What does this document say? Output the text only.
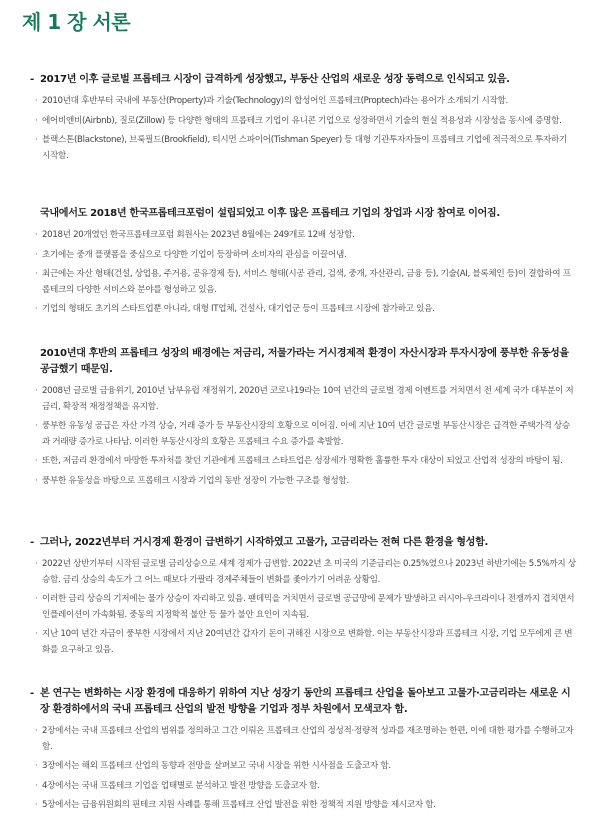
제 1 장 서론
- 2017년 이후 글로벌 프롭테크 시장이 급격하게 성장했고, 부동산 산업의 새로운 성장 동력으로 인식되고 있음.
· 2010년대 후반부터 국내에 부동산(Property)과 기술(Technology)의 합성어인 프롭테크(Proptech)라는 용어가 소개되기 시작함.
· 에어비앤비(Airbnb), 질로(Zillow) 등 다양한 형태의 프롭테크 기업이 유니콘 기업으로 성장하면서 기술의 현실 적용성과 시장성을 동시에 증명함.
· 블랙스톤(Blackstone), 브룩필드(Brookfield), 티시먼 스파이어(Tishman Speyer) 등 대형 기관투자자들이 프롭테크 기업에 적극적으로 투자하기 시작함.
국내에서도 2018년 한국프롭테크포럼이 설립되었고 이후 많은 프롭테크 기업의 창업과 시장 참여로 이어짐.
· 2018년 20개였던 한국프롭테크포럼 회원사는 2023년 8월에는 249개로 12배 성장함.
· 초기에는 중개 플랫폼을 중심으로 다양한 기업이 등장하며 소비자의 관심을 이끌어냄.
· 최근에는 자산 형태(건설, 상업용, 주거용, 공유경제 등), 서비스 형태(시공 관리, 검색, 중개, 자산관리, 금융 등), 기술(AI, 블록체인 등)이 결합하여 프롭테크의 다양한 서비스와 분야를 형성하고 있음.
· 기업의 형태도 초기의 스타트업뿐 아니라, 대형 IT업체, 건설사, 대기업군 등이 프롭테크 시장에 참가하고 있음.
2010년대 후반의 프롭테크 성장의 배경에는 저금리, 저물가라는 거시경제적 환경이 자산시장과 투자시장에 풍부한 유동성을 공급했기 때문임.
· 2008년 글로벌 금융위기, 2010년 남부유럽 재정위기, 2020년 코로나19라는 10여 년간의 글로벌 경제 이벤트를 거치면서 전 세계 국가 대부분이 저금리, 확장적 재정정책을 유지함.
· 풍부한 유동성 공급은 자산 가격 상승, 거래 증가 등 부동산시장의 호황으로 이어짐. 이에 지난 10여 년간 글로벌 부동산시장은 급격한 주택가격 상승과 거래량 증가로 나타남. 이러한 부동산시장의 호황은 프롭테크 수요 증가를 촉발함.
· 또한, 저금리 환경에서 마땅한 투자처를 찾던 기관에게 프롭테크 스타트업은 성장세가 명확한 훌륭한 투자 대상이 되었고 산업적 성장의 바탕이 됨.
· 풍부한 유동성을 바탕으로 프롭테크 시장과 기업의 동반 성장이 가능한 구조를 형성함.
- 그러나, 2022년부터 거시경제 환경이 급변하기 시작하였고 고물가, 고금리라는 전혀 다른 환경을 형성함.
· 2022년 상반기부터 시작된 글로벌 금리상승으로 세계 경제가 급변함. 2022년 초 미국의 기준금리는 0.25%였으나 2023년 하반기에는 5.5%까지 상승함. 금리 상승의 속도가 그 어느 때보다 가팔라 경제주체들이 변화를 좇아가기 어려운 상황임.
· 이러한 금리 상승의 기저에는 물가 상승이 자리하고 있음. 팬데믹을 거치면서 글로벌 공급망에 문제가 발생하고 러시아-우크라이나 전쟁까지 겹치면서 인플레이션이 가속화됨. 중동의 지정학적 불안 등 물가 불안 요인이 지속됨.
· 지난 10여 년간 자금이 풍부한 시장에서 지난 20여년간 갑자기 돈이 귀해진 시장으로 변화함. 이는 부동산시장과 프롭테크 시장, 기업 모두에게 큰 변화를 요구하고 있음.
- 본 연구는 변화하는 시장 환경에 대응하기 위하여 지난 성장기 동안의 프롭테크 산업을 돌아보고 고물가·고금리라는 새로운 시장 환경하에서의 국내 프롭테크 산업의 발전 방향을 기업과 정부 차원에서 모색코자 함.
· 2장에서는 국내 프롭테크 산업의 범위를 정의하고 그간 이뤄온 프롭테크 산업의 정성적·정량적 성과를 재조명하는 한편, 이에 대한 평가를 수행하고자 함.
· 3장에서는 해외 프롭테크 산업의 동향과 전망을 살펴보고 국내 시장을 위한 시사점을 도출코자 함.
· 4장에서는 국내 프롭테크 기업을 업태별로 분석하고 발전 방향을 도출코자 함.
· 5장에서는 금융위원회의 핀테크 지원 사례를 통해 프롭테크 산업 발전을 위한 정책적 지원 방향을 제시코자 함.
